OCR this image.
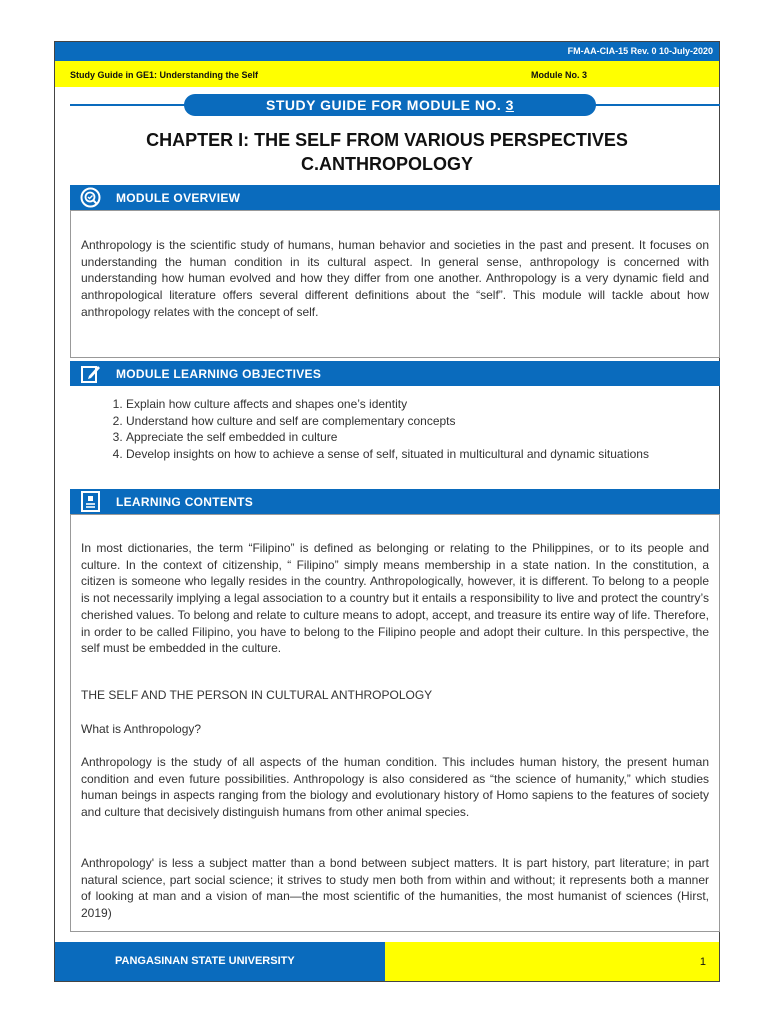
FM-AA-CIA-15 Rev. 0 10-July-2020
Study Guide in GE1: Understanding the Self	Module No. 3
STUDY GUIDE FOR MODULE NO. 3
CHAPTER I: THE SELF FROM VARIOUS PERSPECTIVES
C.ANTHROPOLOGY
MODULE OVERVIEW
Anthropology is the scientific study of humans, human behavior and societies in the past and present. It focuses on understanding the human condition in its cultural aspect. In general sense, anthropology is concerned with understanding how human evolved and how they differ from one another. Anthropology is a very dynamic field and anthropological literature offers several different definitions about the “self”. This module will tackle about how anthropology relates with the concept of self.
MODULE LEARNING OBJECTIVES
1. Explain how culture affects and shapes one’s identity
2. Understand how culture and self are complementary concepts
3. Appreciate the self embedded in culture
4. Develop insights on how to achieve a sense of self, situated in multicultural and dynamic situations
LEARNING CONTENTS
In most dictionaries, the term “Filipino” is defined as belonging or relating to the Philippines, or to its people and culture. In the context of citizenship, “ Filipino” simply means membership in a state nation. In the constitution, a citizen is someone who legally resides in the country. Anthropologically, however, it is different. To belong to a people is not necessarily implying a legal association to a country but it entails a responsibility to live and protect the country’s cherished values. To belong and relate to culture means to adopt, accept, and treasure its entire way of life. Therefore, in order to be called Filipino, you have to belong to the Filipino people and adopt their culture. In this perspective, the self must be embedded in the culture.
THE SELF AND THE PERSON IN CULTURAL ANTHROPOLOGY
What is Anthropology?
Anthropology is the study of all aspects of the human condition. This includes human history, the present human condition and even future possibilities. Anthropology is also considered as “the science of humanity,” which studies human beings in aspects ranging from the biology and evolutionary history of Homo sapiens to the features of society and culture that decisively distinguish humans from other animal species.
Anthropology' is less a subject matter than a bond between subject matters. It is part history, part literature; in part natural science, part social science; it strives to study men both from within and without; it represents both a manner of looking at man and a vision of man—the most scientific of the humanities, the most humanist of sciences (Hirst, 2019)
PANGASINAN STATE UNIVERSITY	1
